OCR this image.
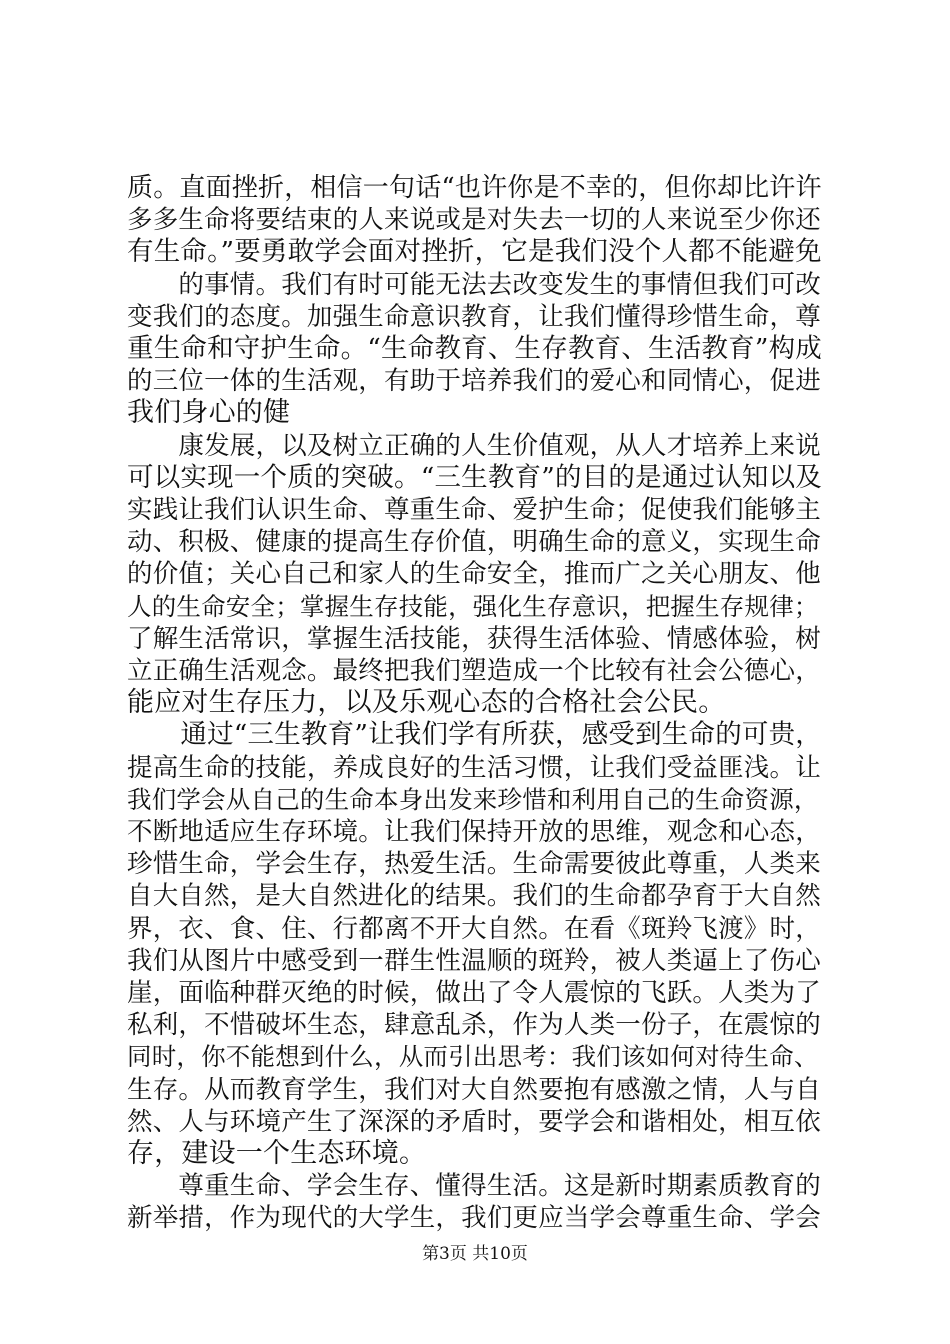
质。直面挫折，相信一句话“也许你是不幸的，但你却比许许
多多生命将要结束的人来说或是对失去一切的人来说至少你还
有生命。”要勇敢学会面对挫折，它是我们没个人都不能避免
　　的事情。我们有时可能无法去改变发生的事情但我们可改
变我们的态度。加强生命意识教育，让我们懂得珍惜生命，尊
重生命和守护生命。“生命教育、生存教育、生活教育”构成
的三位一体的生活观，有助于培养我们的爱心和同情心，促进
我们身心的健
　　康发展，以及树立正确的人生价值观，从人才培养上来说
可以实现一个质的突破。“三生教育”的目的是通过认知以及
实践让我们认识生命、尊重生命、爱护生命；促使我们能够主
动、积极、健康的提高生存价值，明确生命的意义，实现生命
的价值；关心自己和家人的生命安全，推而广之关心朋友、他
人的生命安全；掌握生存技能，强化生存意识，把握生存规律；
了解生活常识，掌握生活技能，获得生活体验、情感体验，树
立正确生活观念。最终把我们塑造成一个比较有社会公德心，
能应对生存压力，以及乐观心态的合格社会公民。
　　通过“三生教育”让我们学有所获，感受到生命的可贵，
提高生命的技能，养成良好的生活习惯，让我们受益匪浅。让
我们学会从自己的生命本身出发来珍惜和利用自己的生命资源，
不断地适应生存环境。让我们保持开放的思维，观念和心态，
珍惜生命，学会生存，热爱生活。生命需要彼此尊重，人类来
自大自然，是大自然进化的结果。我们的生命都孕育于大自然
界，衣、食、住、行都离不开大自然。在看《斑羚飞渡》时，
我们从图片中感受到一群生性温顺的斑羚，被人类逼上了伤心
崖，面临种群灭绝的时候，做出了令人震惊的飞跃。人类为了
私利，不惜破坏生态，肆意乱杀，作为人类一份子，在震惊的
同时，你不能想到什么，从而引出思考：我们该如何对待生命、
生存。从而教育学生，我们对大自然要抱有感激之情，人与自
然、人与环境产生了深深的矛盾时，要学会和谐相处，相互依
存，建设一个生态环境。
　　尊重生命、学会生存、懂得生活。这是新时期素质教育的
新举措，作为现代的大学生，我们更应当学会尊重生命、学会
第3页 共10页
